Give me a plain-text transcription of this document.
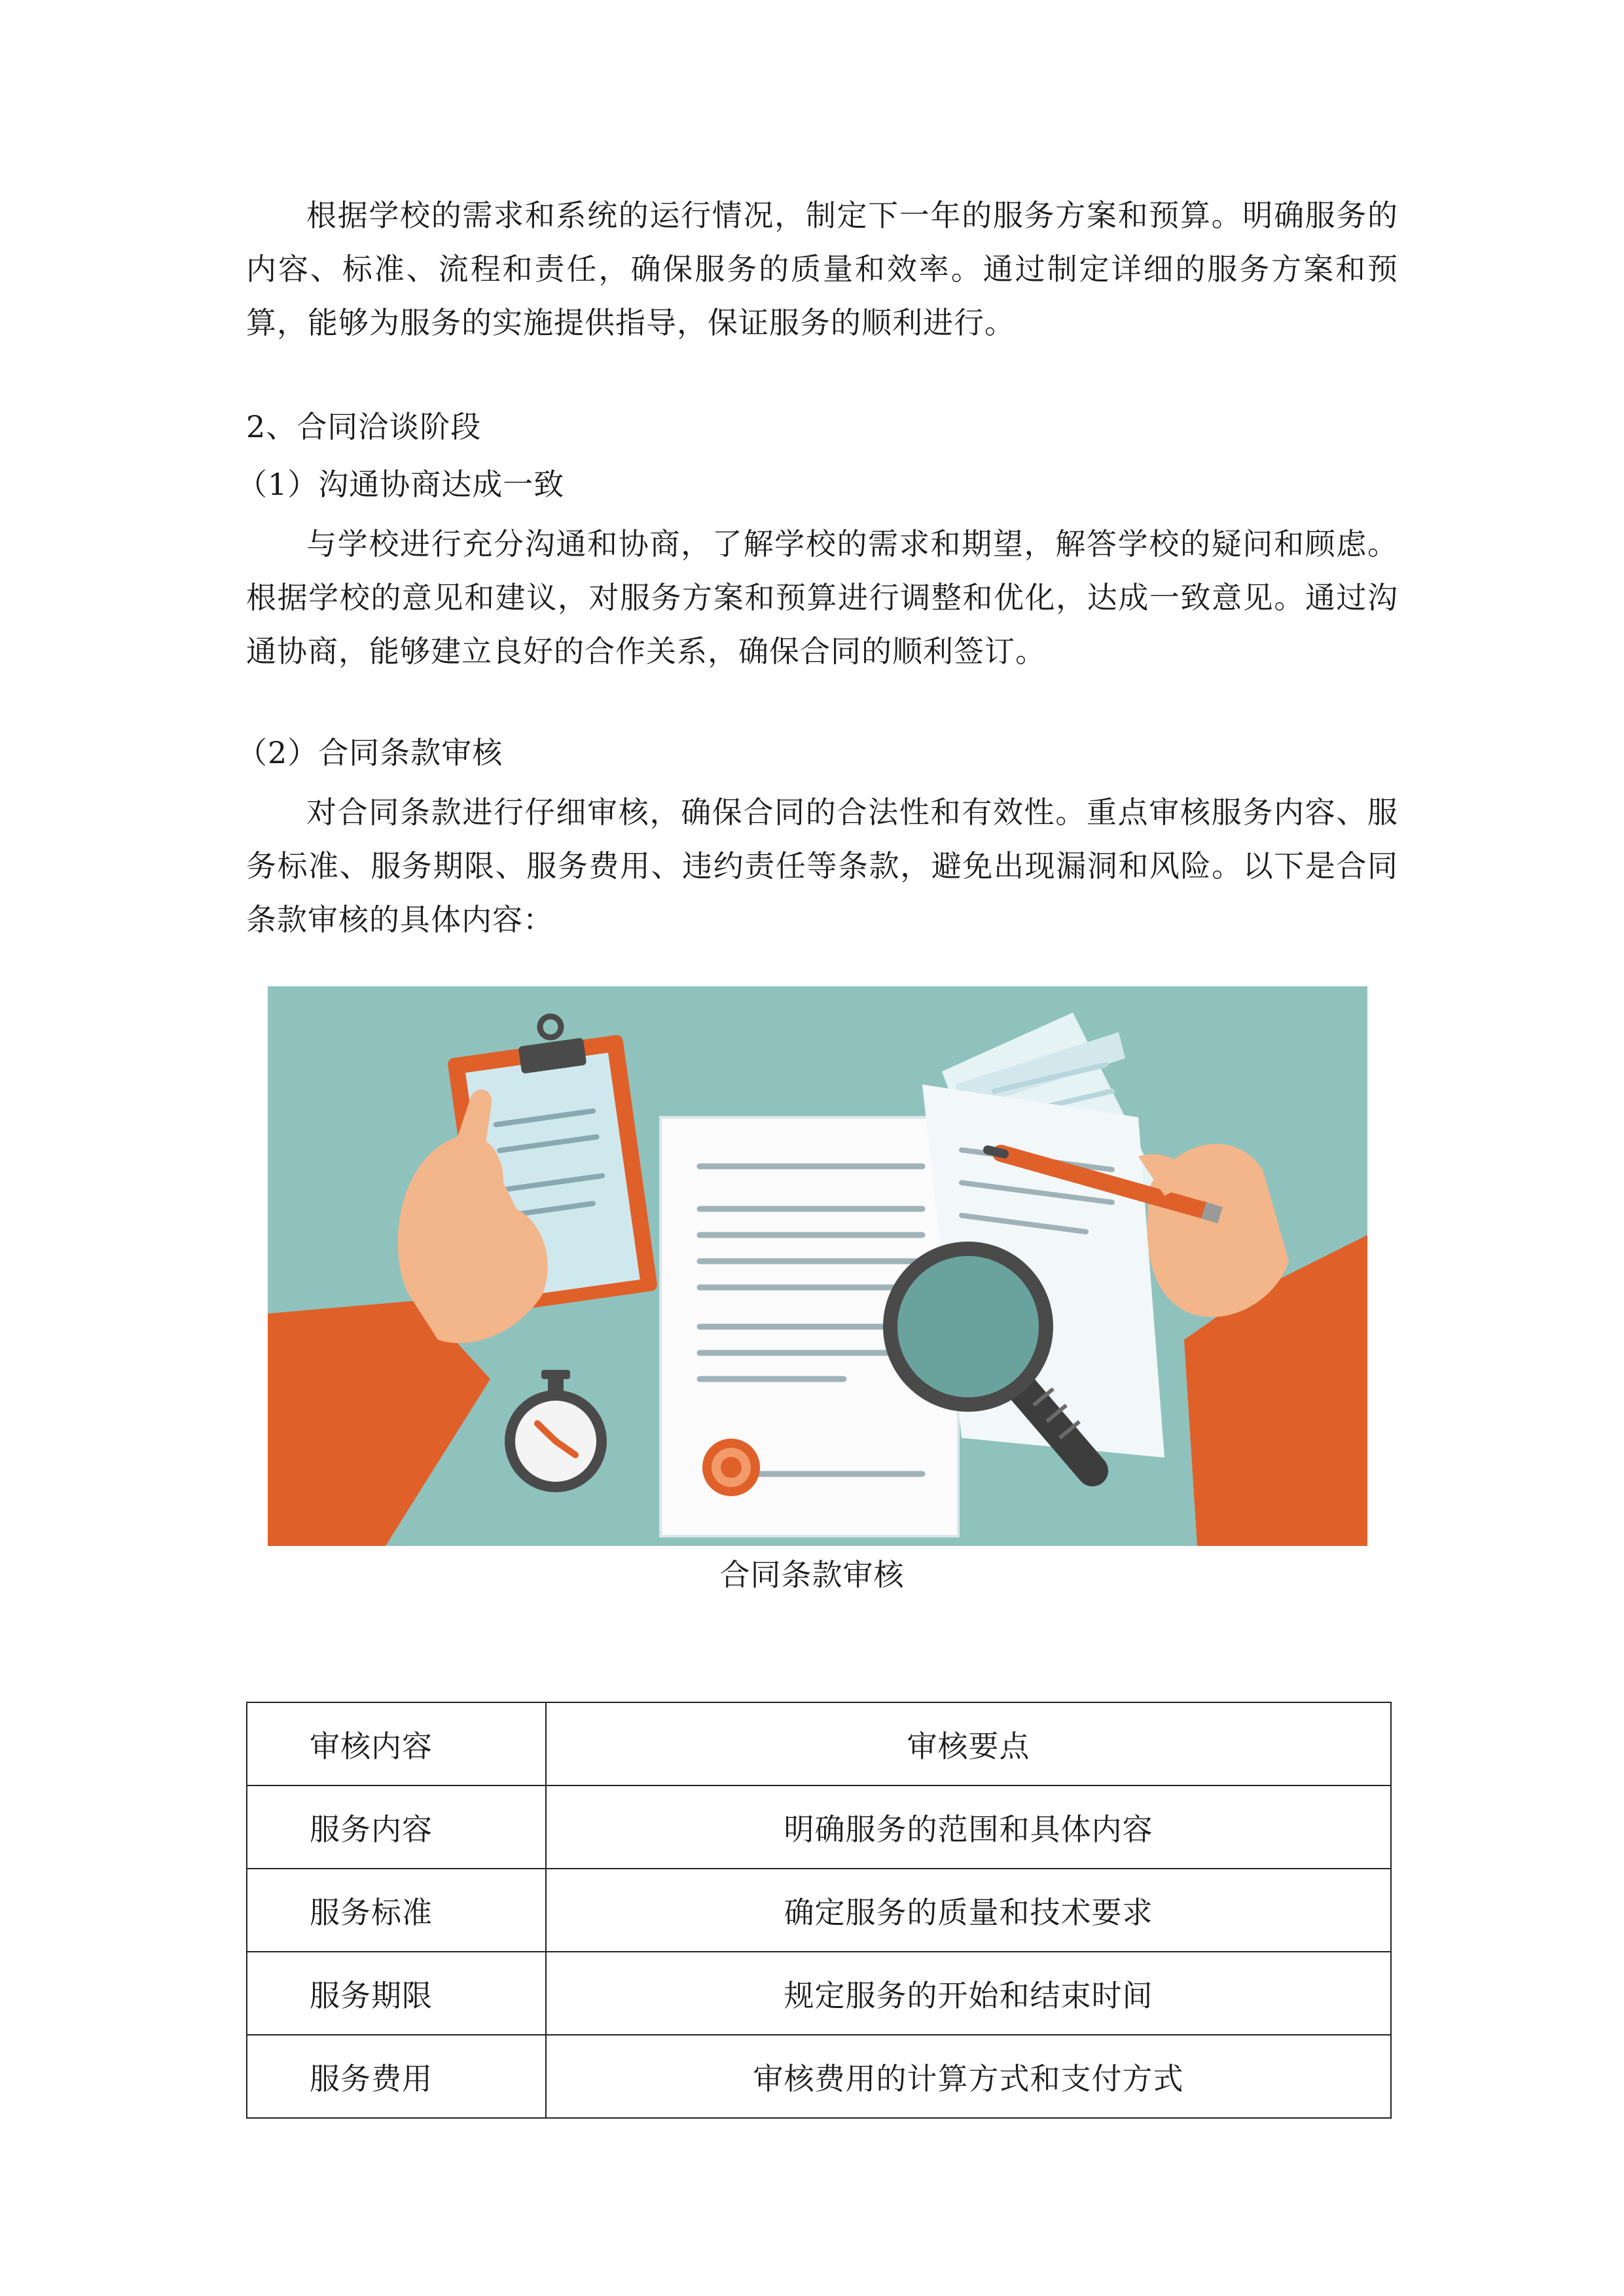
根据学校的需求和系统的运行情况，制定下一年的服务方案和预算。明确服务的内容、标准、流程和责任，确保服务的质量和效率。通过制定详细的服务方案和预算，能够为服务的实施提供指导，保证服务的顺利进行。

2、合同洽谈阶段

（1）沟通协商达成一致

与学校进行充分沟通和协商，了解学校的需求和期望，解答学校的疑问和顾虑。根据学校的意见和建议，对服务方案和预算进行调整和优化，达成一致意见。通过沟通协商，能够建立良好的合作关系，确保合同的顺利签订。

（2）合同条款审核

对合同条款进行仔细审核，确保合同的合法性和有效性。重点审核服务内容、服务标准、服务期限、服务费用、违约责任等条款，避免出现漏洞和风险。以下是合同条款审核的具体内容：

合同条款审核
审核内容	审核要点
服务内容	明确服务的范围和具体内容
服务标准	确定服务的质量和技术要求
服务期限	规定服务的开始和结束时间
服务费用	审核费用的计算方式和支付方式
